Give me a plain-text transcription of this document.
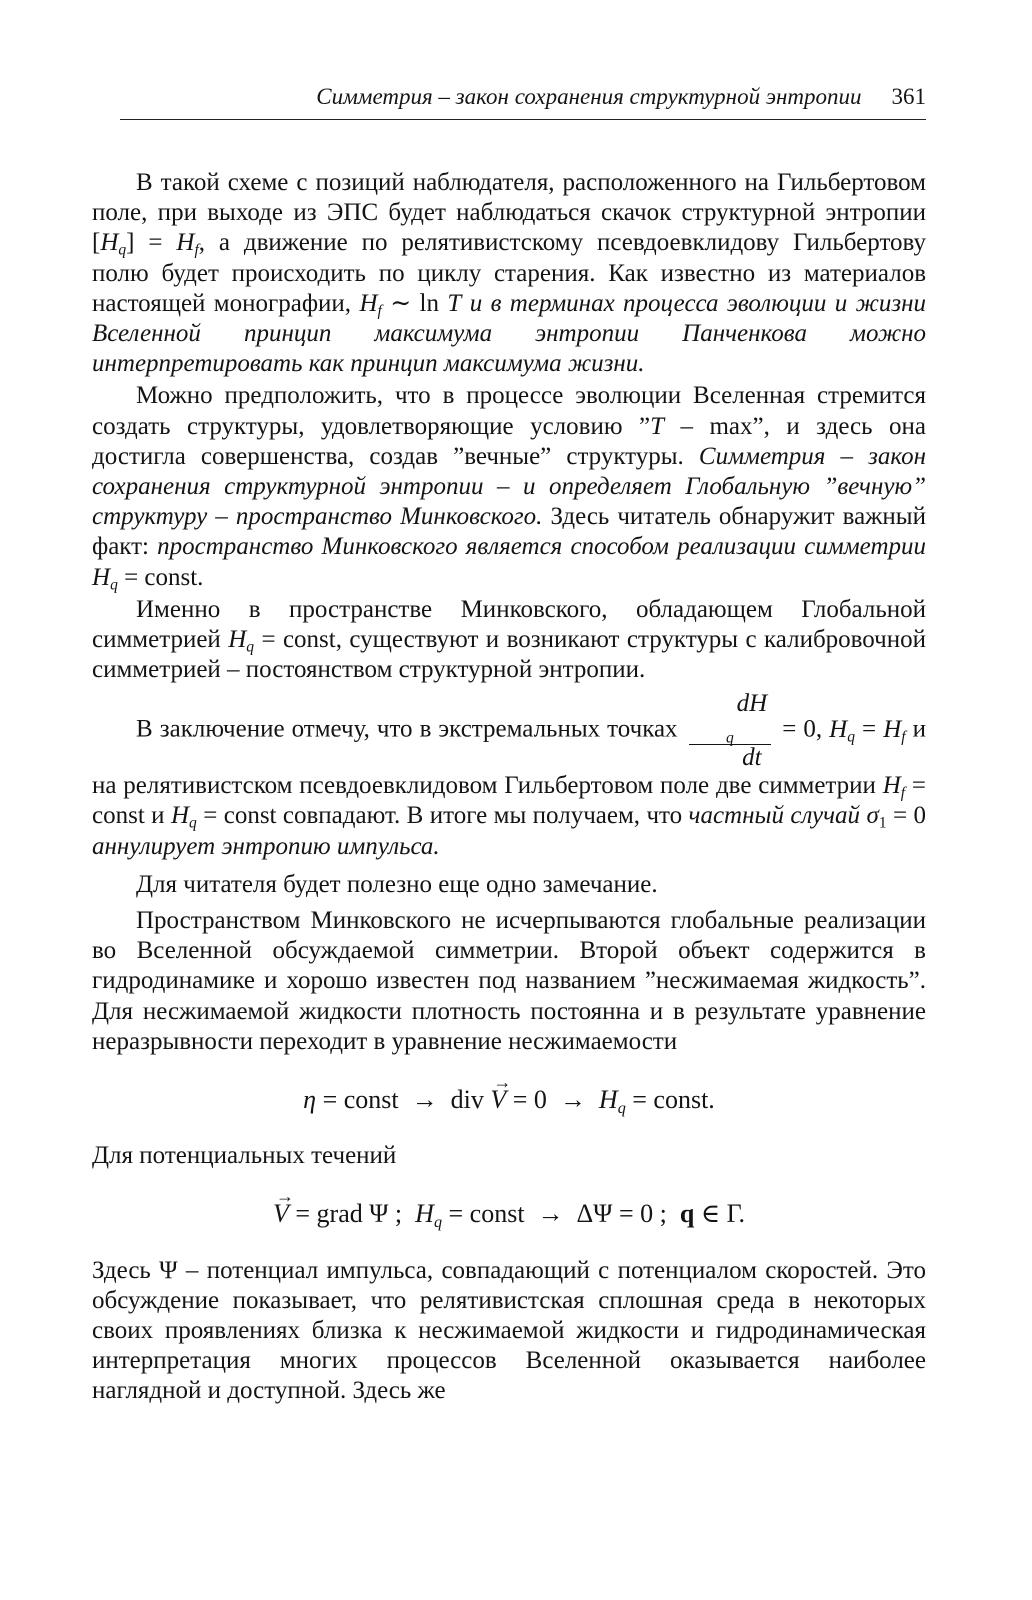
Симметрия – закон сохранения структурной энтропии 361

В такой схеме с позиций наблюдателя, расположенного на Гильбертовом поле, при выходе из ЭПС будет наблюдаться скачок структурной энтропии $[H_q] = H_f$, а движение по релятивистскому псевдоевклидову Гильбертову полю будет происходить по циклу старения. Как известно из материалов настоящей монографии, $H_f$ ∼ ln T и в терминах процесса эволюции и жизни Вселенной принцип максимума энтропии Панченкова можно интерпретировать как принцип максимума жизни.

Можно предположить, что в процессе эволюции Вселенная стремится создать структуры, удовлетворяющие условию ”T – max”, и здесь она достигла совершенства, создав ”вечные” структуры. Симметрия – закон сохранения структурной энтропии – и определяет Глобальную ”вечную” структуру – пространство Минковского. Здесь читатель обнаружит важный факт: пространство Минковского является способом реализации симметрии $H_q$ = const.

Именно в пространстве Минковского, обладающем Глобальной симметрией $H_q$ = const, существуют и возникают структуры с калибровочной симметрией – постоянством структурной энтропии.

В заключение отмечу, что в экстремальных точках dH
$_q$
dt = 0, $H_q = H_f$ и на релятивистском псевдоевклидовом Гильбертовом поле две симметрии $H_f$ = const и $H_q$ = const совпадают. В итоге мы получаем, что частный случай $\sigma_1 = 0$ аннулирует энтропию импульса.

Для читателя будет полезно еще одно замечание.

Пространством Минковского не исчерпываются глобальные реализации во Вселенной обсуждаемой симметрии. Второй объект содержится в гидродинамике и хорошо известен под названием ”несжимаемая жидкость”. Для несжимаемой жидкости плотность постоянна и в результате уравнение неразрывности переходит в уравнение несжимаемости

η = const  →  div → $V = 0 \to H_q$ = const.

Для потенциальных течений

→ V = grad Ψ ;  $H_q$ = const  →  ΔΨ = 0 ;  q ∈ Γ.

Здесь Ψ – потенциал импульса, совпадающий с потенциалом скоростей. Это обсуждение показывает, что релятивистская сплошная среда в некоторых своих проявлениях близка к несжимаемой жидкости и гидродинамическая интерпретация многих процессов Вселенной оказывается наиболее наглядной и доступной. Здесь же
